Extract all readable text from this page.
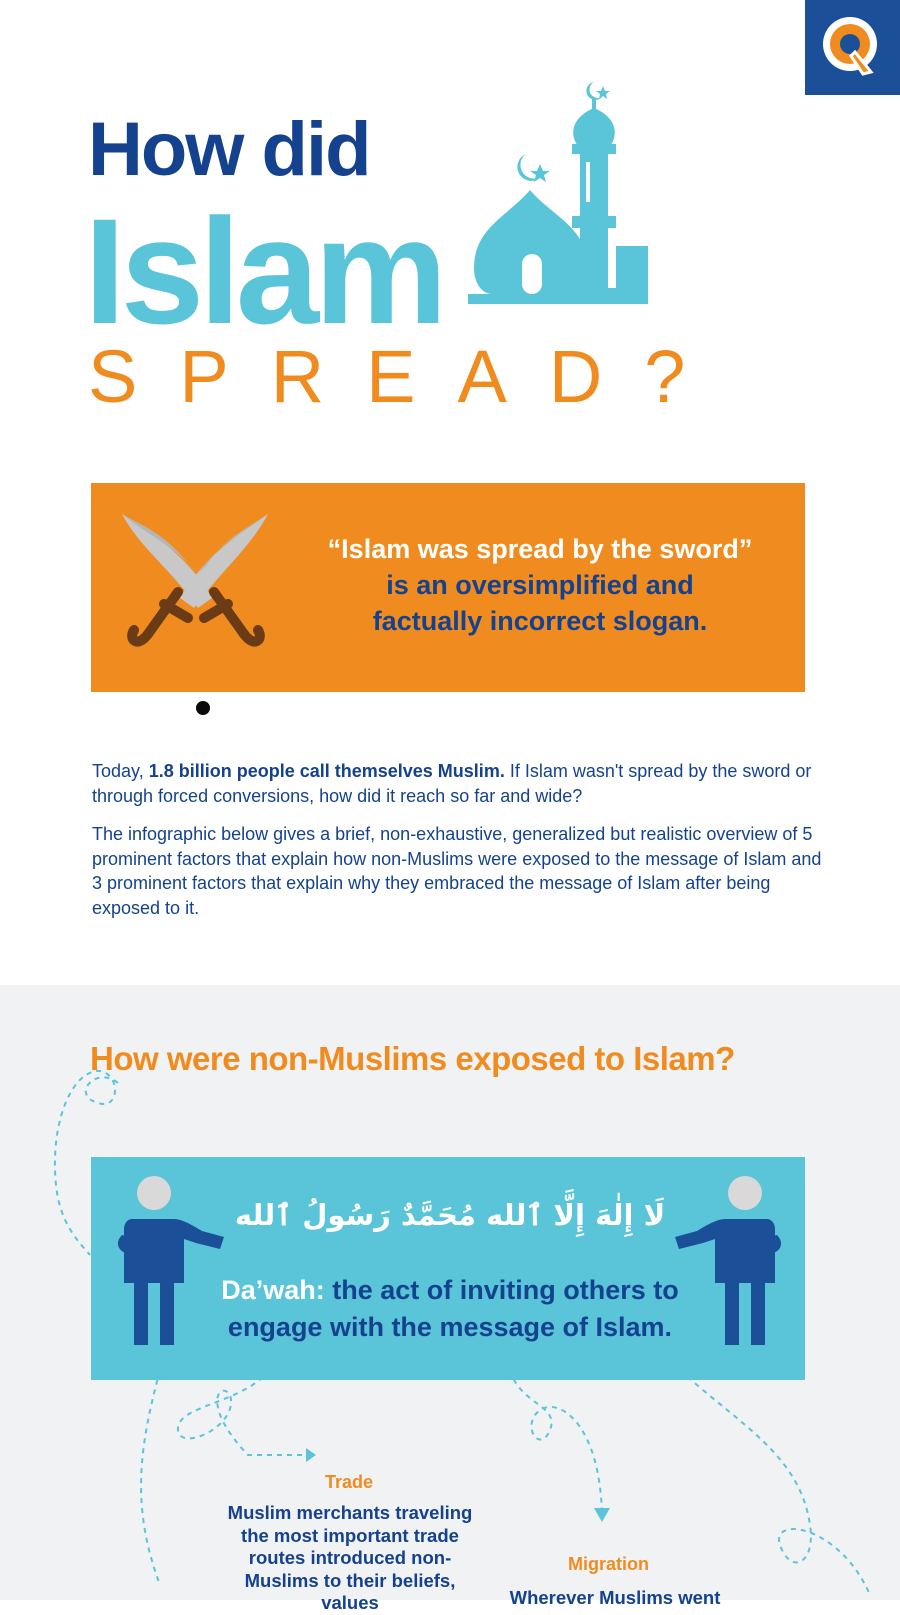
How did
Islam
SPREAD?
“Islam was spread by the sword”
is an oversimplified and
factually incorrect slogan.
Today, 1.8 billion people call themselves Muslim. If Islam wasn't spread by the sword or through forced conversions, how did it reach so far and wide?
The infographic below gives a brief, non-exhaustive, generalized but realistic overview of 5 prominent factors that explain how non-Muslims were exposed to the message of Islam and 3 prominent factors that explain why they embraced the message of Islam after being exposed to it.
How were non-Muslims exposed to Islam?
لَا إِلٰهَ إِلَّا ٱلله مُحَمَّدٌ رَسُولُ ٱلله
Da’wah: the act of inviting others to engage with the message of Islam.
Trade
Muslim merchants traveling the most important trade routes introduced non-Muslims to their beliefs, values
Migration
Wherever Muslims went
